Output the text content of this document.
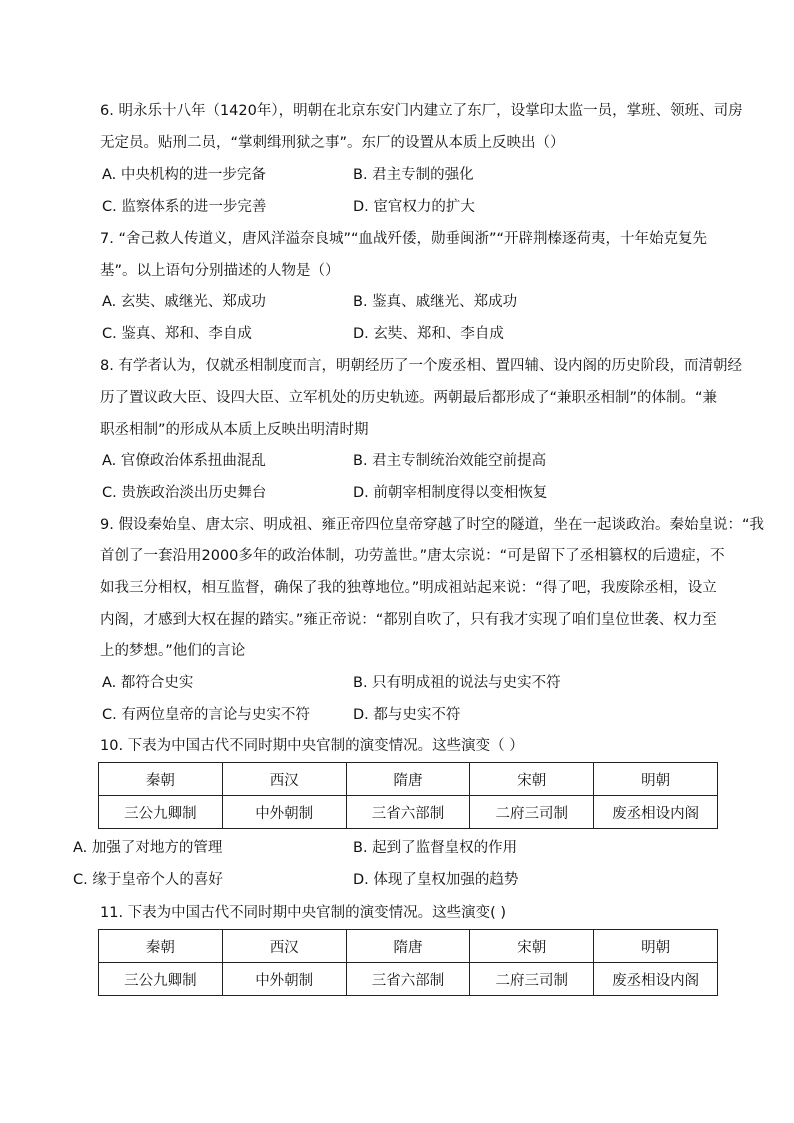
6. 明永乐十八年（1420年），明朝在北京东安门内建立了东厂，设掌印太监一员，掌班、领班、司房
无定员。贴刑二员，“掌刺缉刑狱之事”。东厂的设置从本质上反映出（）
A. 中央机构的进一步完备	B. 君主专制的强化
C. 监察体系的进一步完善	D. 宦官权力的扩大
7. “舍己救人传道义，唐风洋溢奈良城”“血战歼倭，勋垂闽浙”“开辟荆榛逐荷夷，十年始克复先
基”。以上语句分别描述的人物是（）
A. 玄奘、戚继光、郑成功	B. 鉴真、戚继光、郑成功
C. 鉴真、郑和、李自成	D. 玄奘、郑和、李自成
8. 有学者认为，仅就丞相制度而言，明朝经历了一个废丞相、置四辅、设内阁的历史阶段，而清朝经
历了置议政大臣、设四大臣、立军机处的历史轨迹。两朝最后都形成了“兼职丞相制”的体制。“兼
职丞相制”的形成从本质上反映出明清时期
A. 官僚政治体系扭曲混乱	B. 君主专制统治效能空前提高
C. 贵族政治淡出历史舞台	D. 前朝宰相制度得以变相恢复
9. 假设秦始皇、唐太宗、明成祖、雍正帝四位皇帝穿越了时空的隧道，坐在一起谈政治。秦始皇说：“我
首创了一套沿用2000多年的政治体制，功劳盖世。”唐太宗说：“可是留下了丞相篡权的后遗症，不
如我三分相权，相互监督，确保了我的独尊地位。”明成祖站起来说：“得了吧，我废除丞相，设立
内阁，才感到大权在握的踏实。”雍正帝说：“都别自吹了，只有我才实现了咱们皇位世袭、权力至
上的梦想。”他们的言论
A. 都符合史实	B. 只有明成祖的说法与史实不符
C. 有两位皇帝的言论与史实不符	D. 都与史实不符
10. 下表为中国古代不同时期中央官制的演变情况。这些演变（ ）
秦朝	西汉	隋唐	宋朝	明朝
三公九卿制	中外朝制	三省六部制	二府三司制	废丞相设内阁
A. 加强了对地方的管理	B. 起到了监督皇权的作用
C. 缘于皇帝个人的喜好	D. 体现了皇权加强的趋势
11. 下表为中国古代不同时期中央官制的演变情况。这些演变( )
秦朝	西汉	隋唐	宋朝	明朝
三公九卿制	中外朝制	三省六部制	二府三司制	废丞相设内阁
